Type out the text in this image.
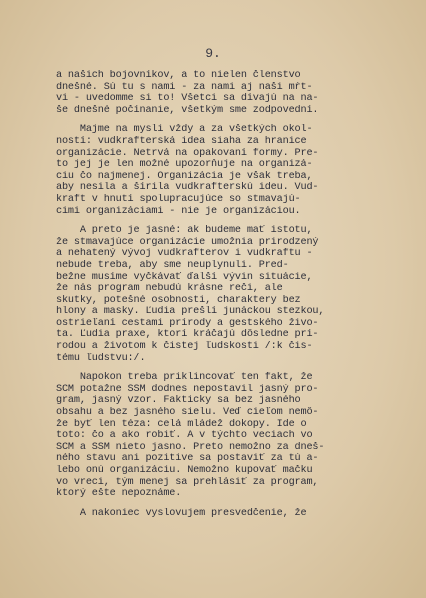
9.
a našich bojovníkov, a to nielen členstvo
dnešné. Sú tu s nami - za nami aj naši mŕt-
vi - uvedomme si to! Všetci sa dívajú na na-
še dnešné počínanie, všetkým sme zodpovední.
Majme na mysli vždy a za všetkých okol-
ností: vudkrafterská idea siaha za hranice
organizácie. Netrvá na opakovaní formy. Pre-
to jej je len možné upozorňuje na organizá-
ciu čo najmenej. Organizácia je však treba,
aby nesila a šírila vudkrafterskú ideu. Vud-
kraft v hnutí spolupracujúce so stmavajú-
cimi organizáciami - nie je organizáciou.
A preto je jasné: ak budeme mať istotu,
že stmavajúce organizácie umožnia prirodzený
a nehatený vývoj vudkrafterov i vudkraftu -
nebude treba, aby sme neuplynuli. Pred-
bežne musíme vyčkávať ďalší vývin situácie,
že nás program nebudú krásne reči, ale
skutky, potešné osobnosti, charaktery bez
hlony a masky. Ľudia prešlí junáckou stezkou,
ostrieľaní cestami prírody a gestského živo-
ta. Ľudia praxe, ktorí kráčajú dôsledne prí-
rodou a životom k čistej ľudskosti /:k čis-
tému ľudstvu:/.
Napokon treba priklincovať ten fakt, že
SČM potažne SSM dodnes nepostavil jasný pro-
gram, jasný vzor. Fakticky sa bez jasného
obsahu a bez jasného sielu. Veď cieľom nemô-
že byť len téza: celá mládež dokopy. Ide o
toto: čo a ako robiť. A v týchto veciach vo
SČM a SSM nieto jasno. Preto nemožno za dneš-
ného stavu ani pozitive sa postaviť za tú a-
lebo onú organizáciu. Nemožno kupovať mačku
vo vreci, tým menej sa prehlásiť za program,
ktorý ešte nepoznáme.
A nakoniec vyslovujem presvedčenie, že
